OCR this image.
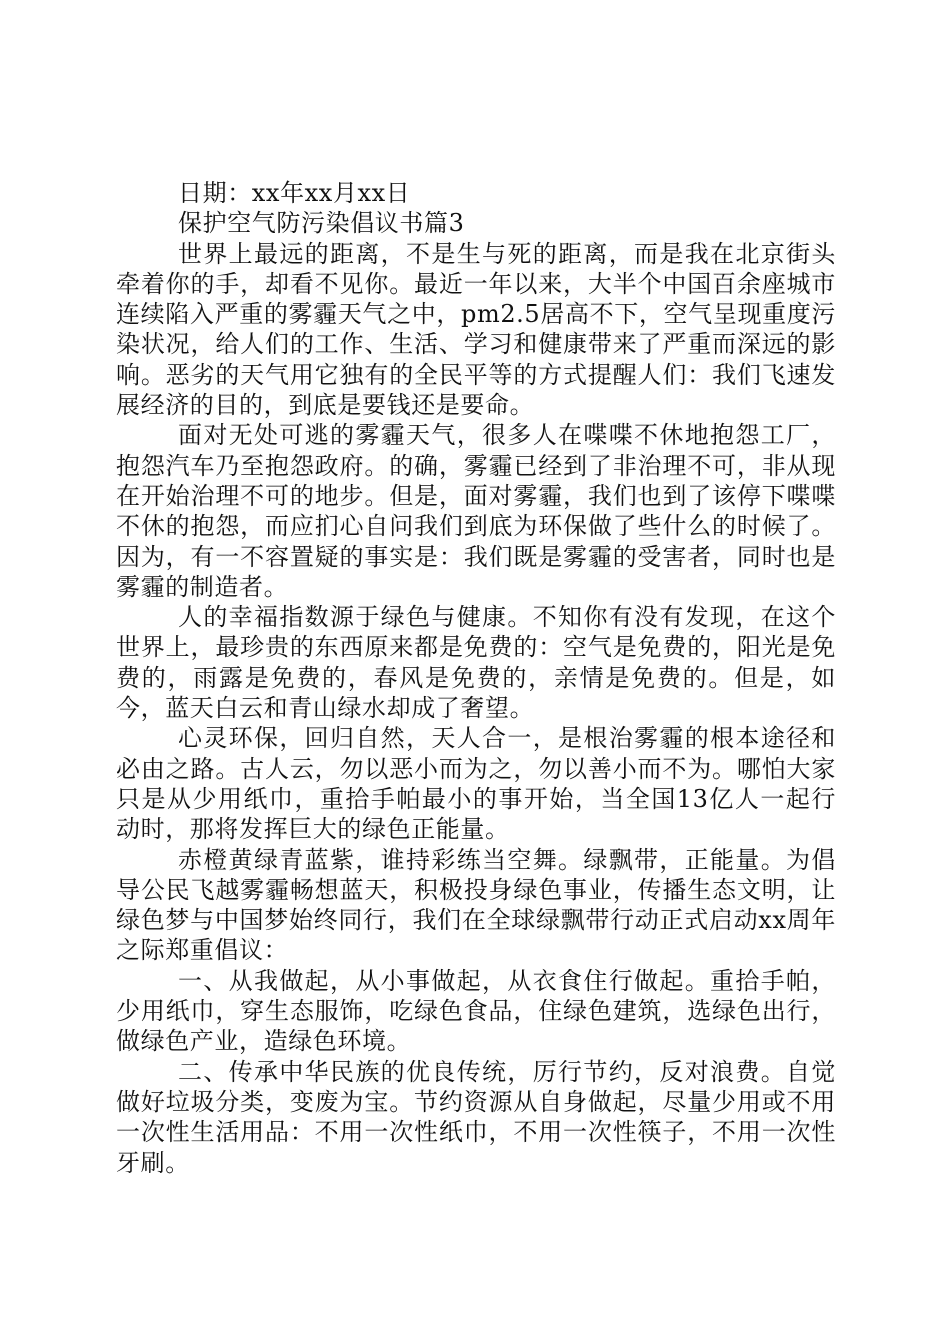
日期：xx年xx月xx日

保护空气防污染倡议书篇3

世界上最远的距离，不是生与死的距离，而是我在北京街头牵着你的手，却看不见你。最近一年以来，大半个中国百余座城市连续陷入严重的雾霾天气之中，pm2.5居高不下，空气呈现重度污染状况，给人们的工作、生活、学习和健康带来了严重而深远的影响。恶劣的天气用它独有的全民平等的方式提醒人们：我们飞速发展经济的目的，到底是要钱还是要命。

面对无处可逃的雾霾天气，很多人在喋喋不休地抱怨工厂，抱怨汽车乃至抱怨政府。的确，雾霾已经到了非治理不可，非从现在开始治理不可的地步。但是，面对雾霾，我们也到了该停下喋喋不休的抱怨，而应扪心自问我们到底为环保做了些什么的时候了。因为，有一不容置疑的事实是：我们既是雾霾的受害者，同时也是雾霾的制造者。

人的幸福指数源于绿色与健康。不知你有没有发现，在这个世界上，最珍贵的东西原来都是免费的：空气是免费的，阳光是免费的，雨露是免费的，春风是免费的，亲情是免费的。但是，如今，蓝天白云和青山绿水却成了奢望。

心灵环保，回归自然，天人合一，是根治雾霾的根本途径和必由之路。古人云，勿以恶小而为之，勿以善小而不为。哪怕大家只是从少用纸巾，重拾手帕最小的事开始，当全国13亿人一起行动时，那将发挥巨大的绿色正能量。

赤橙黄绿青蓝紫，谁持彩练当空舞。绿飘带，正能量。为倡导公民飞越雾霾畅想蓝天，积极投身绿色事业，传播生态文明，让绿色梦与中国梦始终同行，我们在全球绿飘带行动正式启动xx周年之际郑重倡议：

一、从我做起，从小事做起，从衣食住行做起。重拾手帕，少用纸巾，穿生态服饰，吃绿色食品，住绿色建筑，选绿色出行，做绿色产业，造绿色环境。

二、传承中华民族的优良传统，厉行节约，反对浪费。自觉做好垃圾分类，变废为宝。节约资源从自身做起，尽量少用或不用一次性生活用品：不用一次性纸巾，不用一次性筷子，不用一次性牙刷。
